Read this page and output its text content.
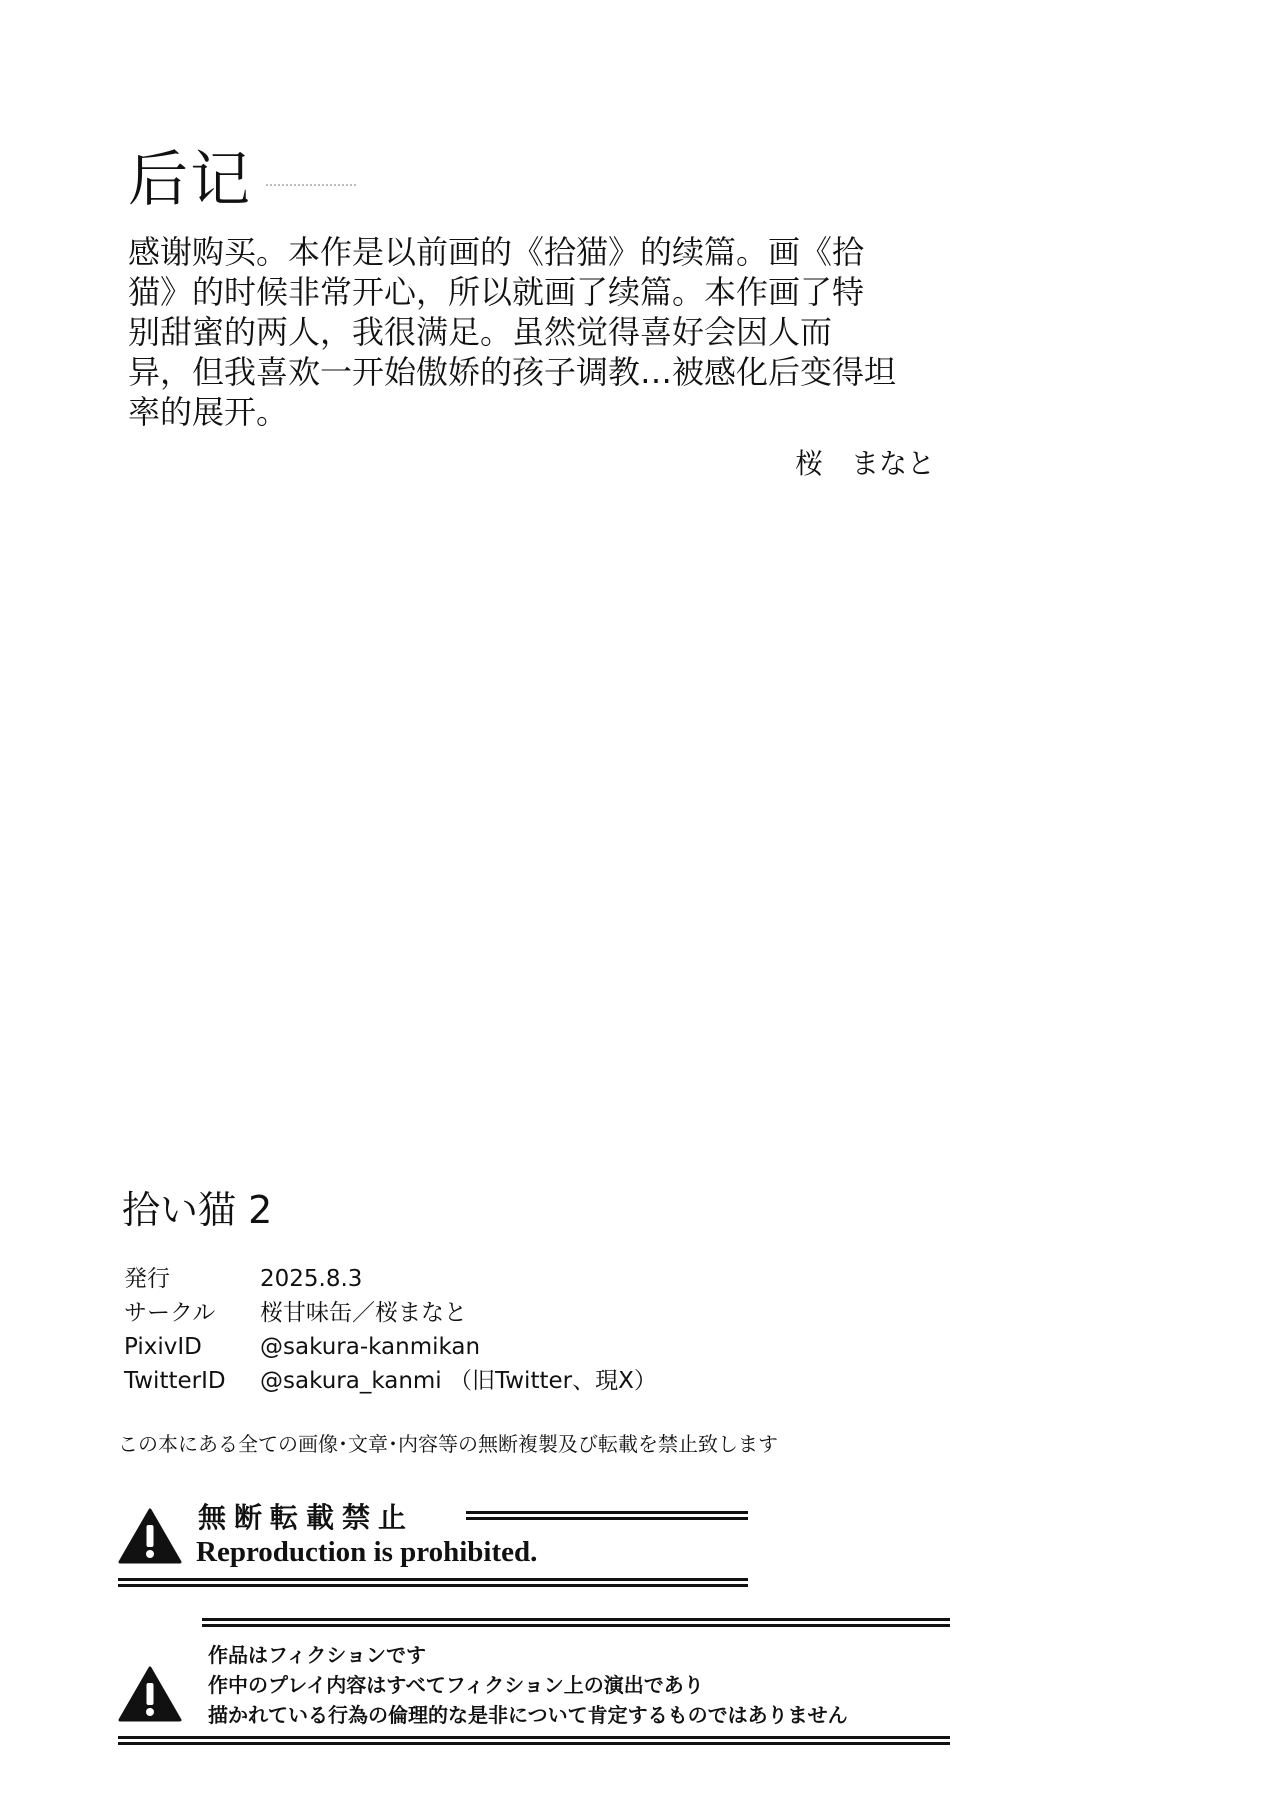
后记
感谢购买。本作是以前画的《拾猫》的续篇。画《拾
猫》的时候非常开心，所以就画了续篇。本作画了特
别甜蜜的两人，我很满足。虽然觉得喜好会因人而
异，但我喜欢一开始傲娇的孩子调教…被感化后变得坦
率的展开。
桜　まなと
拾い猫 2
発行	2025.8.3
サークル 桜甘味缶／桜まなと
PixivID	@sakura-kanmikan
TwitterID @sakura_kanmi （旧Twitter、現X）
この本にある全ての画像･文章･内容等の無断複製及び転載を禁止致します
無断転載禁止
Reproduction is prohibited.
作品はフィクションです
作中のプレイ内容はすべてフィクション上の演出であり
描かれている行為の倫理的な是非について肯定するものではありません
